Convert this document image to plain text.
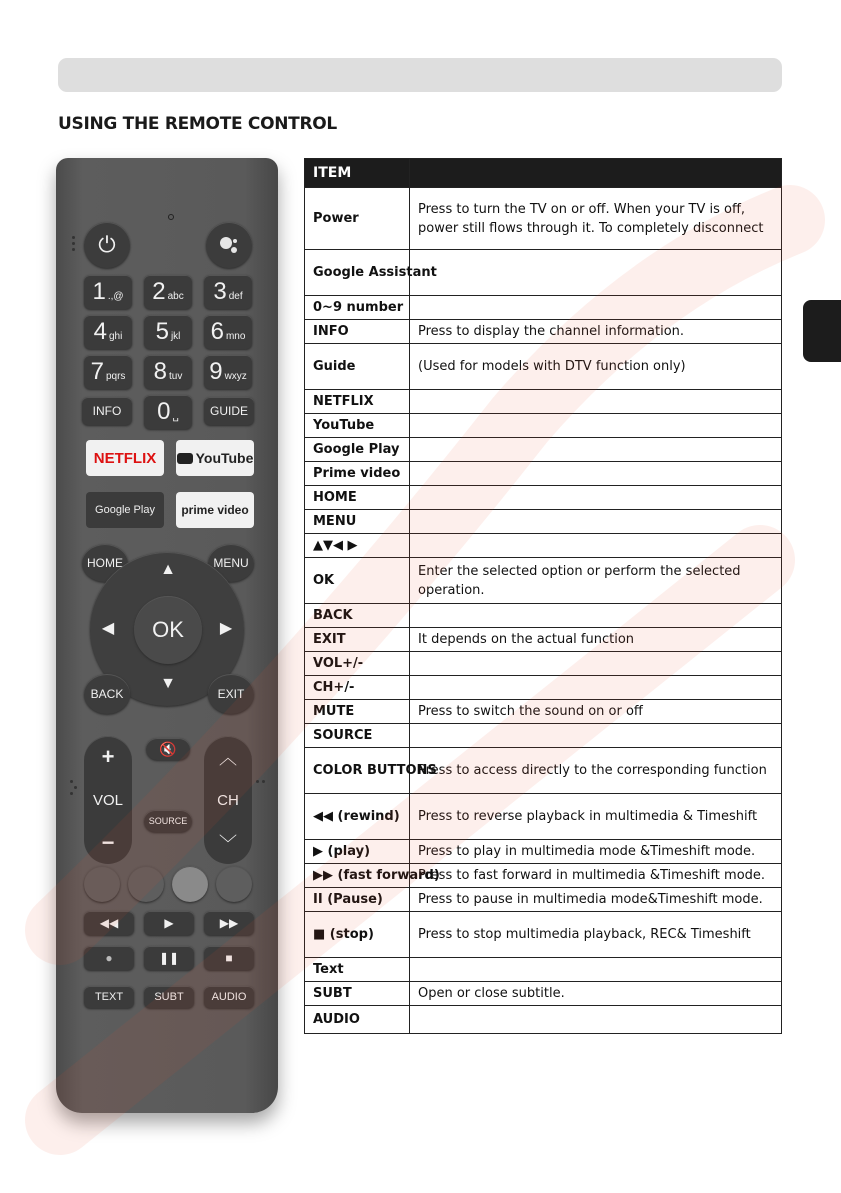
USING THE REMOTE CONTROL
⏻
1 .,@ 2 abc 3 def
4 ghi 5 jkl 6 mno
7 pqrs 8 tuv 9 wxyz
INFO	0 ␣	GUIDE
NETFLIX	YouTube
Google Play	prime video
HOME	MENU
▲
▼
◀	▶
OK
BACK	EXIT
+
VOL
−
︿
CH
﹀
🔇
SOURCE
◀◀	▶	▶▶
●	❚❚	■
TEXT	SUBT	AUDIO
ITEM	
Power	Press to turn the TV on or off. When your TV is off, power still flows through it. To completely disconnect
Google Assistant	
0~9 number	
INFO	Press to display the channel information.
Guide	(Used for models with DTV function only)
NETFLIX	
YouTube	
Google Play	
Prime video	
HOME	
MENU	
▲▼◀ ▶	
OK	Enter the selected option or perform the selected operation.
BACK	
EXIT	It depends on the actual function
VOL+/-	
CH+/-	
MUTE	Press to switch the sound on or off
SOURCE	
COLOR BUTTONS	Press to access directly to the corresponding function
◀◀ (rewind)	Press to reverse playback in multimedia & Timeshift
▶ (play)	Press to play in multimedia mode &Timeshift mode.
▶▶ (fast forward)	Press to fast forward in multimedia &Timeshift mode.
II (Pause)	Press to pause in multimedia mode&Timeshift mode.
■ (stop)	Press to stop multimedia playback, REC& Timeshift
Text	
SUBT	Open or close subtitle.
AUDIO	
